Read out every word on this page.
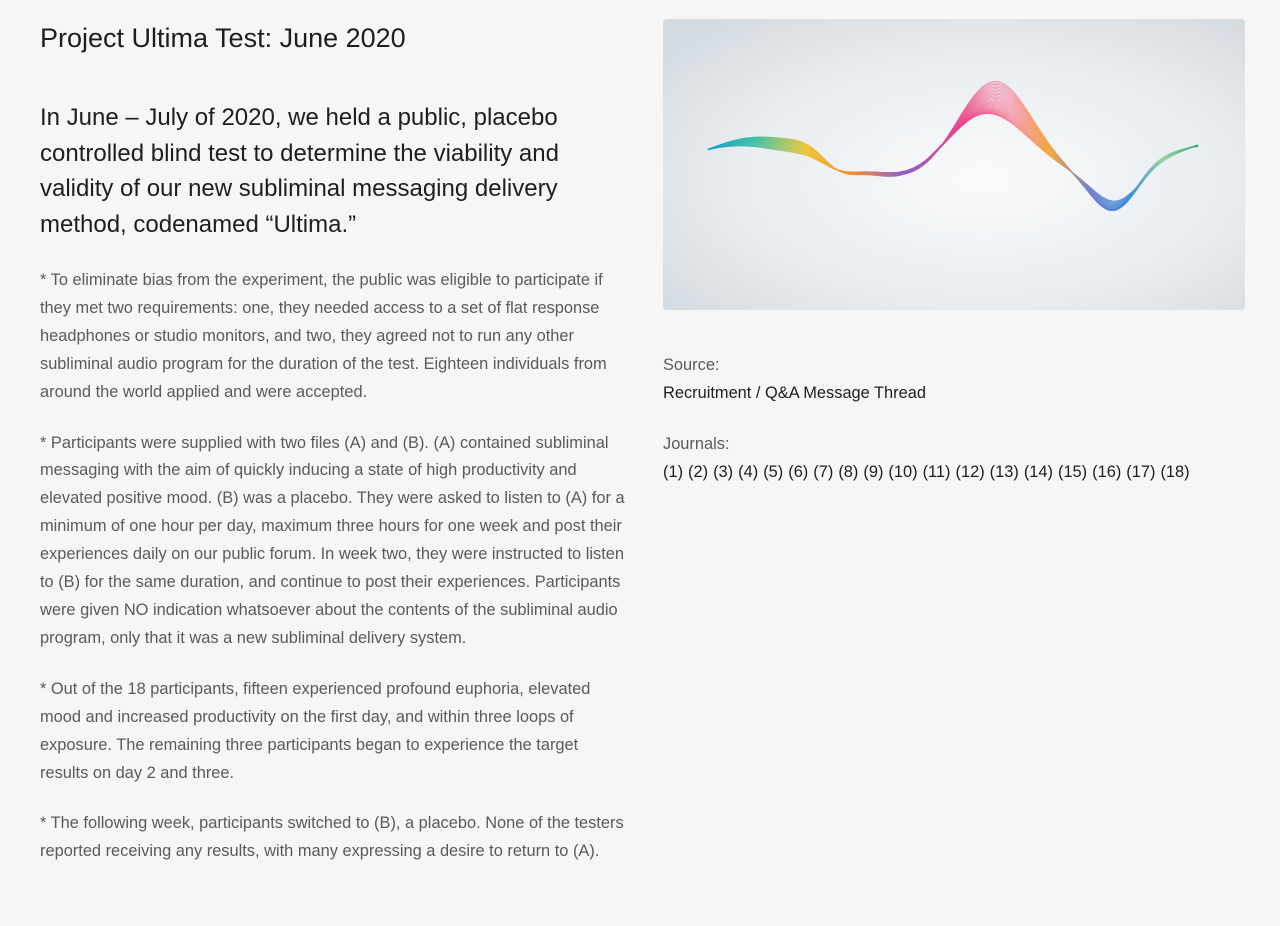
Project Ultima Test: June 2020

In June – July of 2020, we held a public, placebo controlled blind test to determine the viability and validity of our new subliminal messaging delivery method, codenamed “Ultima.”

* To eliminate bias from the experiment, the public was eligible to participate if they met two requirements: one, they needed access to a set of flat response headphones or studio monitors, and two, they agreed not to run any other subliminal audio program for the duration of the test. Eighteen individuals from around the world applied and were accepted.

* Participants were supplied with two files (A) and (B). (A) contained subliminal messaging with the aim of quickly inducing a state of high productivity and elevated positive mood. (B) was a placebo. They were asked to listen to (A) for a minimum of one hour per day, maximum three hours for one week and post their experiences daily on our public forum. In week two, they were instructed to listen to (B) for the same duration, and continue to post their experiences. Participants were given NO indication whatsoever about the contents of the subliminal audio program, only that it was a new subliminal delivery system.

* Out of the 18 participants, fifteen experienced profound euphoria, elevated mood and increased productivity on the first day, and within three loops of exposure. The remaining three participants began to experience the target results on day 2 and three.

* The following week, participants switched to (B), a placebo. None of the testers reported receiving any results, with many expressing a desire to return to (A).

Source:
Recruitment / Q&A Message Thread
Journals:
(1) (2) (3) (4) (5) (6) (7) (8) (9) (10) (11) (12) (13) (14) (15) (16) (17) (18)
